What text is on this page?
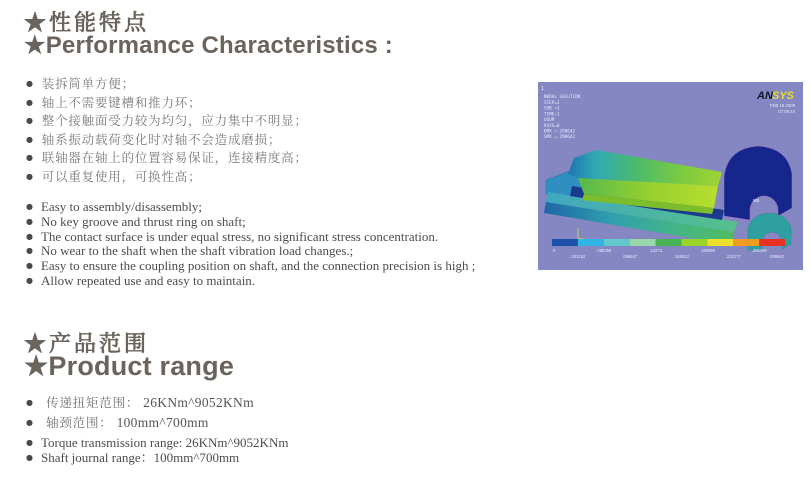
★性能特点
★Performance Characteristics :
● 装拆简单方便；
● 轴上不需要键槽和推力环；
● 整个接触面受力较为均匀，应力集中不明显；
● 轴系振动载荷变化时对轴不会造成磨损；
● 联轴器在轴上的位置容易保证，连接精度高；
● 可以重复使用，可换性高；
● Easy to assembly/disassembly;
● No key groove and thrust ring on shaft;
● The contact surface is under equal stress, no significant stress concentration.
● No wear to the shaft when the shaft vibration load changes.;
● Easy to ensure the coupling position on shaft, and the connection precision is high ;
● Allow repeated use and easy to maintain.
1
NODAL SOLUTION
STEP=1
SUB =1
TIME=1
USUM
RSYS=0
DMX =.298642
SMX =.298642
AN SYS
FEB 18 2009
07:08:44
MX
0	.066365	.13273	.199095	.265459
.033182	.099547	.165912	.232277	.298642
★产品范围
★Product range
● 传递扭矩范围： 26KNm^9052KNm
● 轴颈范围： 100mm^700mm
● Torque transmission range: 26KNm^9052KNm
● Shaft journal range：100mm^700mm
